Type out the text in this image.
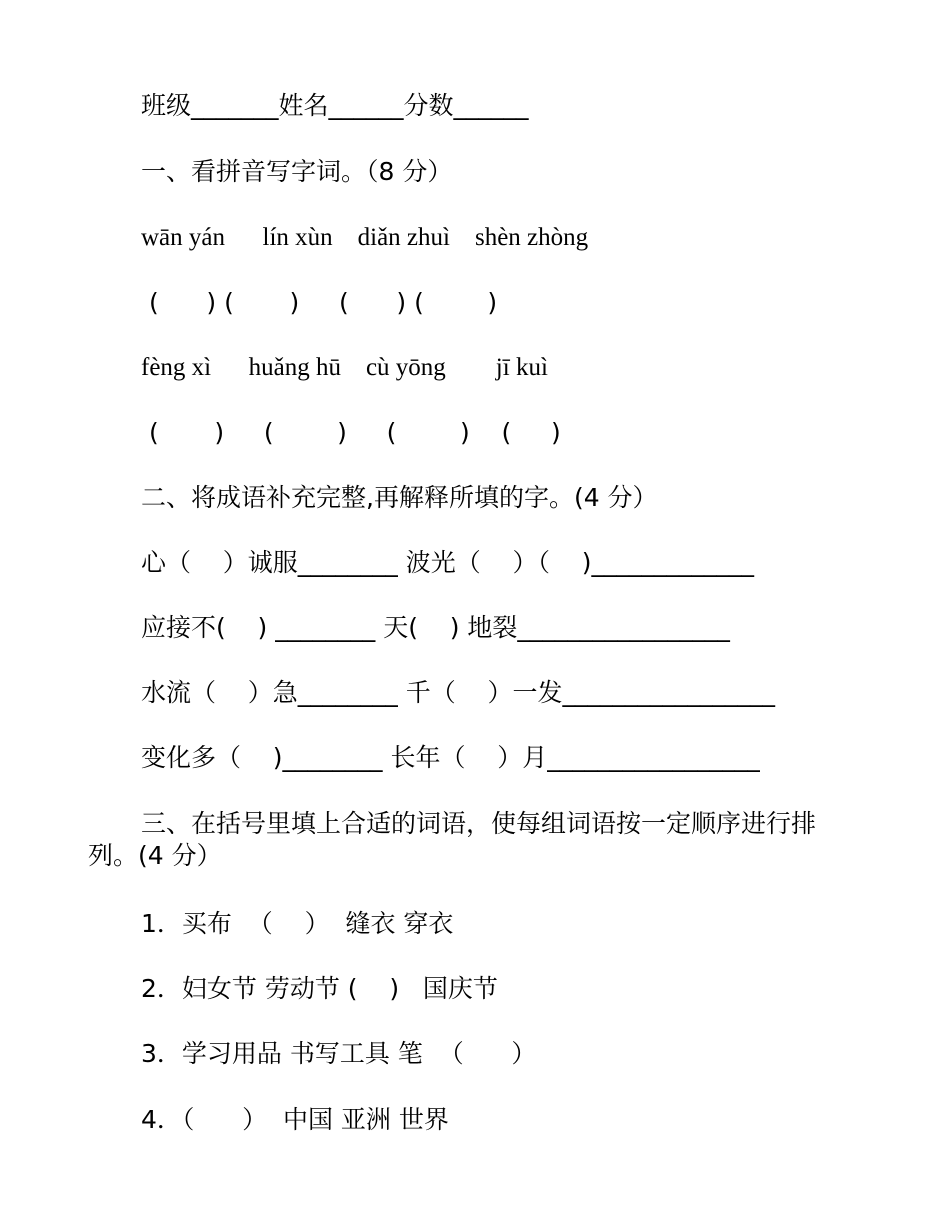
班级_______姓名______分数______
一、看拼音写字词。（8 分）
wān yán      lín xùn    diǎn zhuì    shèn zhòng
(      ) (       )     (      ) (        )
fèng xì      huǎng hū    cù yōng        jī kuì
(       )     (        )     (        )    (     )
二、将成语补充完整,再解释所填的字。(4 分）
心（    ）诚服________ 波光（    ）（    )_____________
应接不(    ) ________ 天(    ) 地裂_________________
水流（    ）急________ 千（    ）一发_________________
变化多（    )________ 长年（    ）月_________________
三、在括号里填上合适的词语，使每组词语按一定顺序进行排
列。(4 分）
1．买布  （    ）  缝衣 穿衣
2．妇女节 劳动节 (    )   国庆节
3．学习用品 书写工具 笔  （      ）
4．（      ）  中国 亚洲 世界
